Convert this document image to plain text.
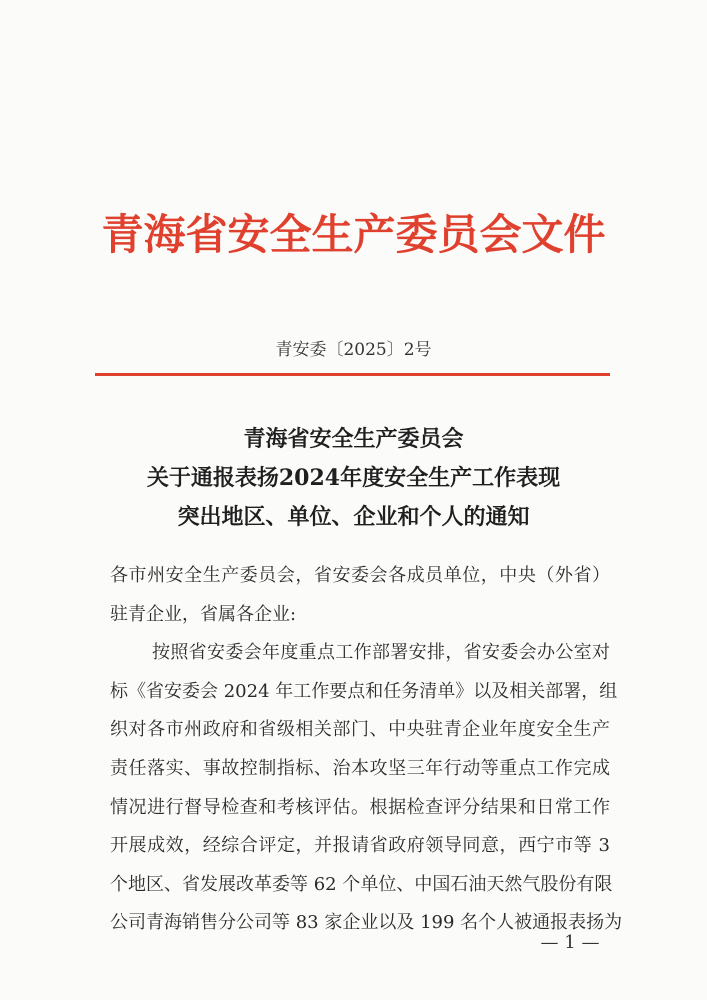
青海省安全生产委员会文件
青安委〔2025〕2号
青海省安全生产委员会
关于通报表扬2024年度安全生产工作表现
突出地区、单位、企业和个人的通知
各市州安全生产委员会，省安委会各成员单位，中央（外省）
驻青企业，省属各企业:
按照省安委会年度重点工作部署安排，省安委会办公室对
标《省安委会 2024 年工作要点和任务清单》以及相关部署，组
织对各市州政府和省级相关部门、中央驻青企业年度安全生产
责任落实、事故控制指标、治本攻坚三年行动等重点工作完成
情况进行督导检查和考核评估。根据检查评分结果和日常工作
开展成效，经综合评定，并报请省政府领导同意，西宁市等 3
个地区、省发展改革委等 62 个单位、中国石油天然气股份有限
公司青海销售分公司等 83 家企业以及 199 名个人被通报表扬为
— 1 —
